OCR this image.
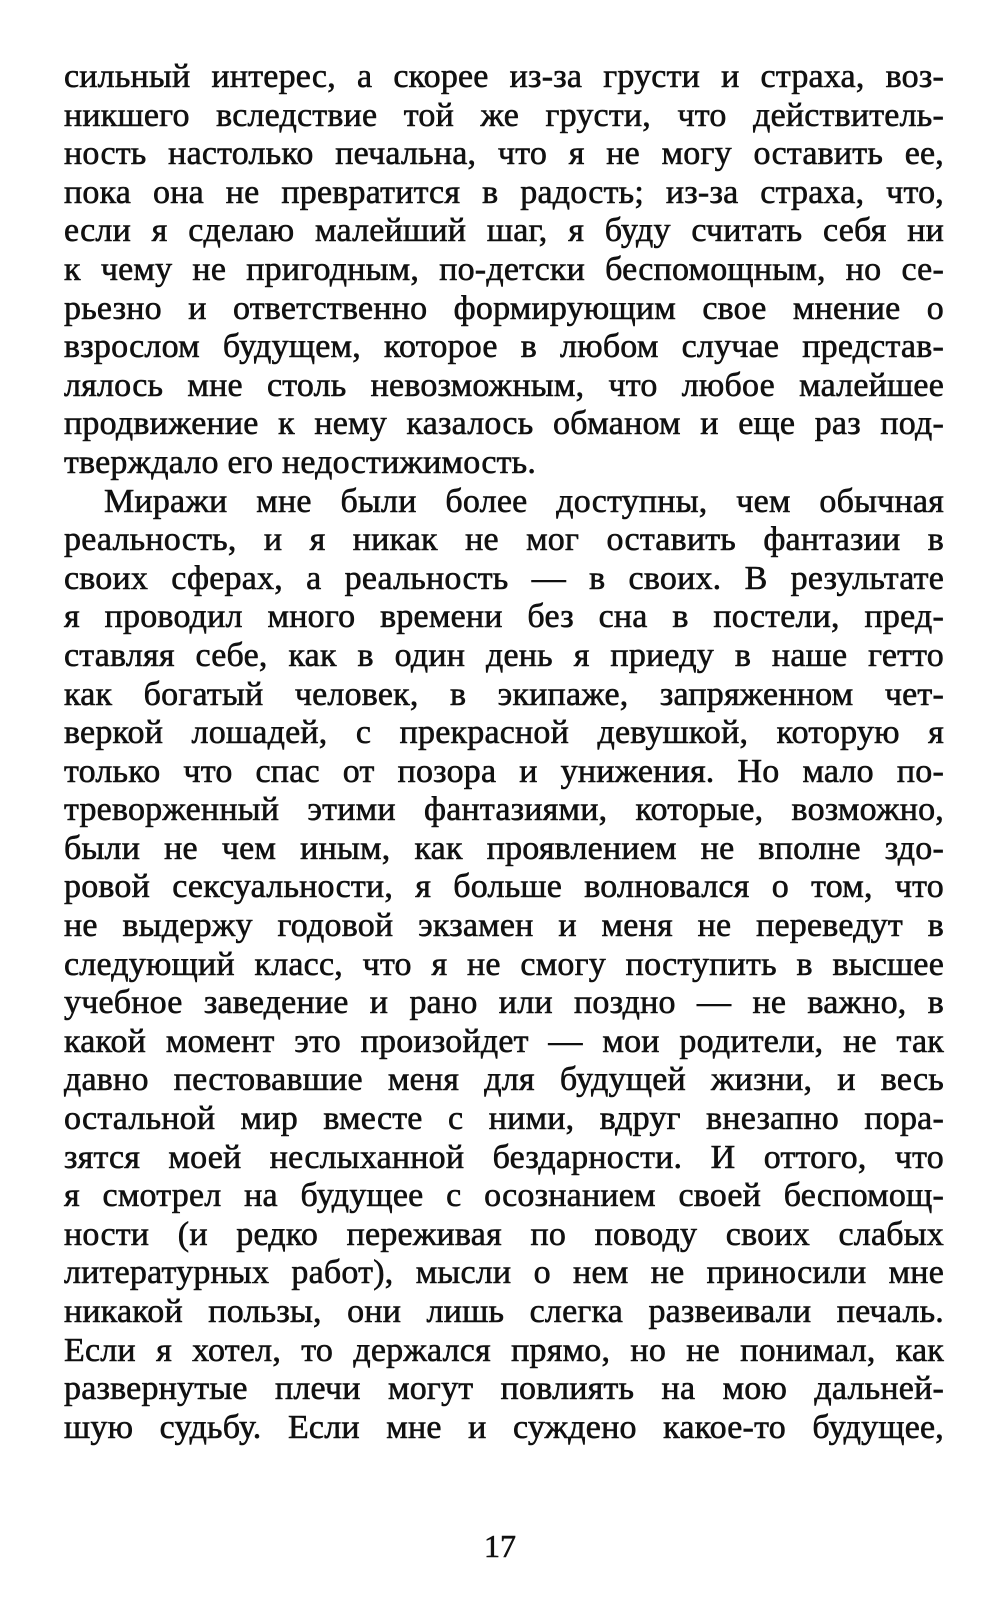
сильный интерес, а скорее из-за грусти и страха, воз-
никшего вследствие той же грусти, что действитель-
ность настолько печальна, что я не могу оставить ее,
пока она не превратится в радость; из-за страха, что,
если я сделаю малейший шаг, я буду считать себя ни
к чему не пригодным, по-детски беспомощным, но се-
рьезно и ответственно формирующим свое мнение о
взрослом будущем, которое в любом случае представ-
лялось мне столь невозможным, что любое малейшее
продвижение к нему казалось обманом и еще раз под-
тверждало его недостижимость.
Миражи мне были более доступны, чем обычная
реальность, и я никак не мог оставить фантазии в
своих сферах, а реальность — в своих. В результате
я проводил много времени без сна в постели, пред-
ставляя себе, как в один день я приеду в наше гетто
как богатый человек, в экипаже, запряженном чет-
веркой лошадей, с прекрасной девушкой, которую я
только что спас от позора и унижения. Но мало по-
треворженный этими фантазиями, которые, возможно,
были не чем иным, как проявлением не вполне здо-
ровой сексуальности, я больше волновался о том, что
не выдержу годовой экзамен и меня не переведут в
следующий класс, что я не смогу поступить в высшее
учебное заведение и рано или поздно — не важно, в
какой момент это произойдет — мои родители, не так
давно пестовавшие меня для будущей жизни, и весь
остальной мир вместе с ними, вдруг внезапно пора-
зятся моей неслыханной бездарности. И оттого, что
я смотрел на будущее с осознанием своей беспомощ-
ности (и редко переживая по поводу своих слабых
литературных работ), мысли о нем не приносили мне
никакой пользы, они лишь слегка развеивали печаль.
Если я хотел, то держался прямо, но не понимал, как
развернутые плечи могут повлиять на мою дальней-
шую судьбу. Если мне и суждено какое-то будущее,
17
